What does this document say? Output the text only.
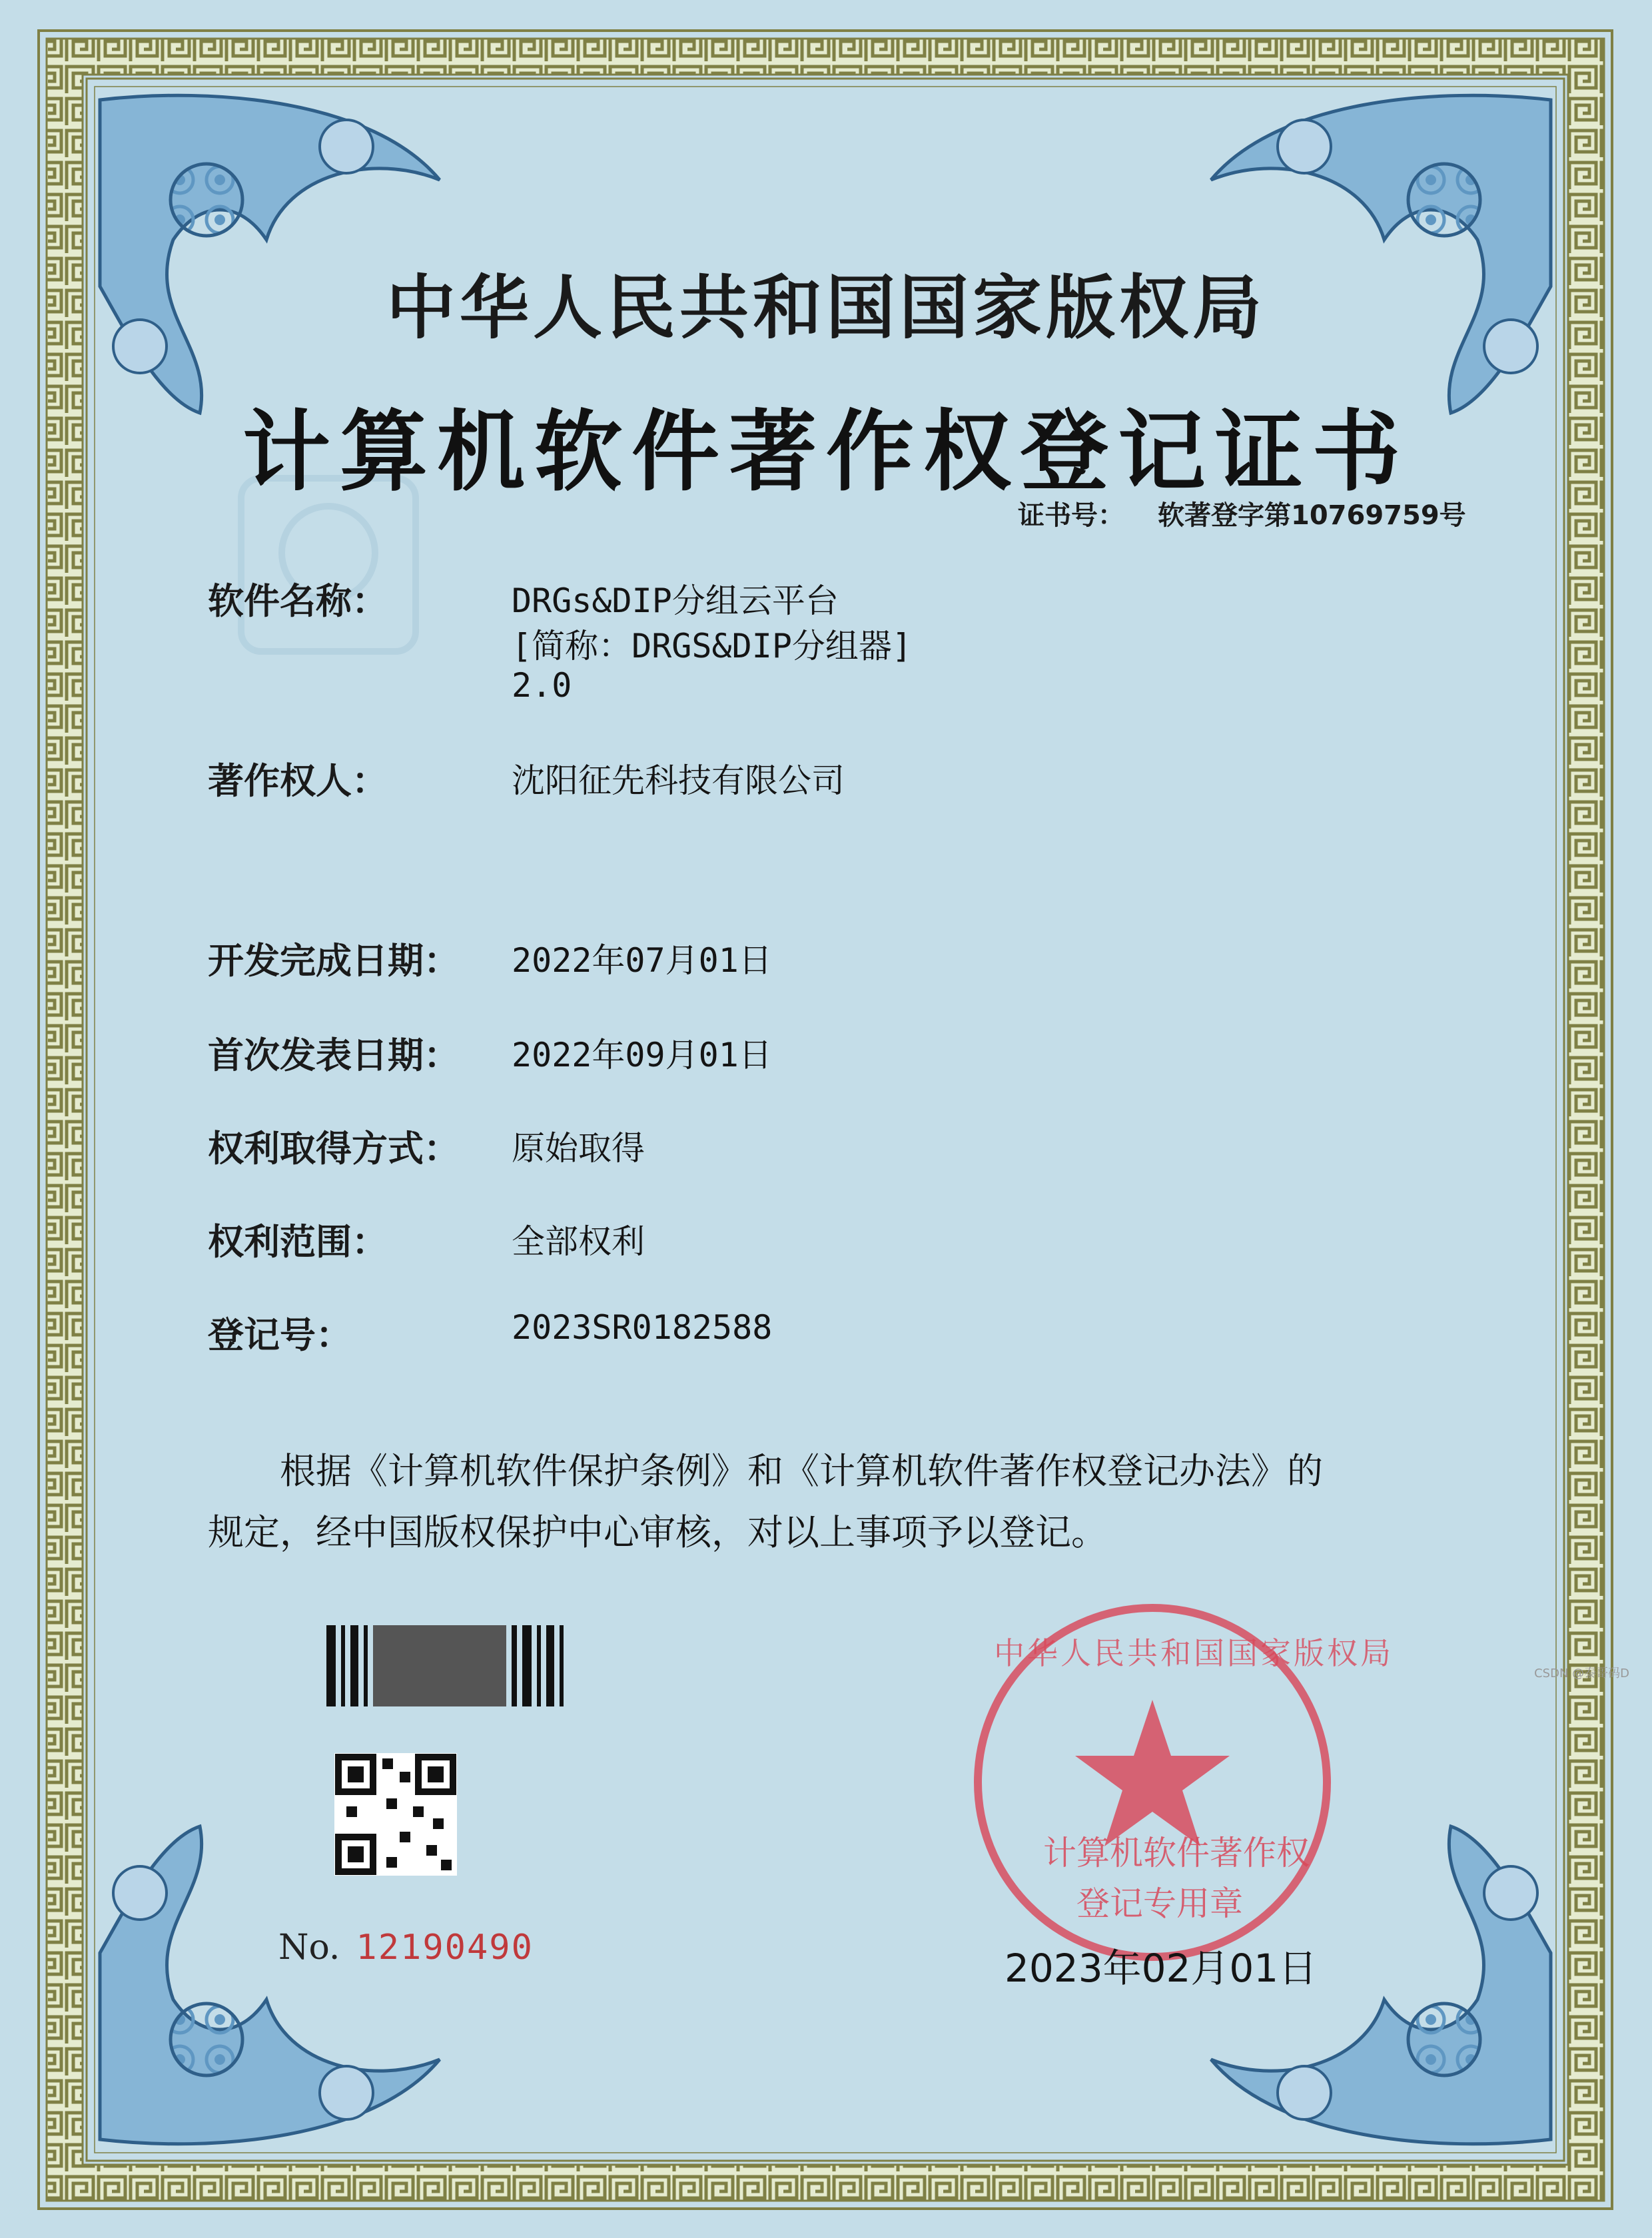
计算机软件著作权
登记专用章
中华人民共和国国家版权局
中华人民共和国国家版权局
计算机软件著作权登记证书
证书号： 软著登字第10769759号
软件名称：	DRGs&DIP分组云平台
[简称：DRGS&DIP分组器]
2.0
著作权人：	沈阳征先科技有限公司
开发完成日期： 2022年07月01日
首次发表日期： 2022年09月01日
权利取得方式： 原始取得
权利范围：	全部权利
登记号：	2023SR0182588
根据《计算机软件保护条例》和《计算机软件著作权登记办法》的
规定，经中国版权保护中心审核，对以上事项予以登记。
No. 12190490	2023年02月01日
CSDN @泰哥码D
